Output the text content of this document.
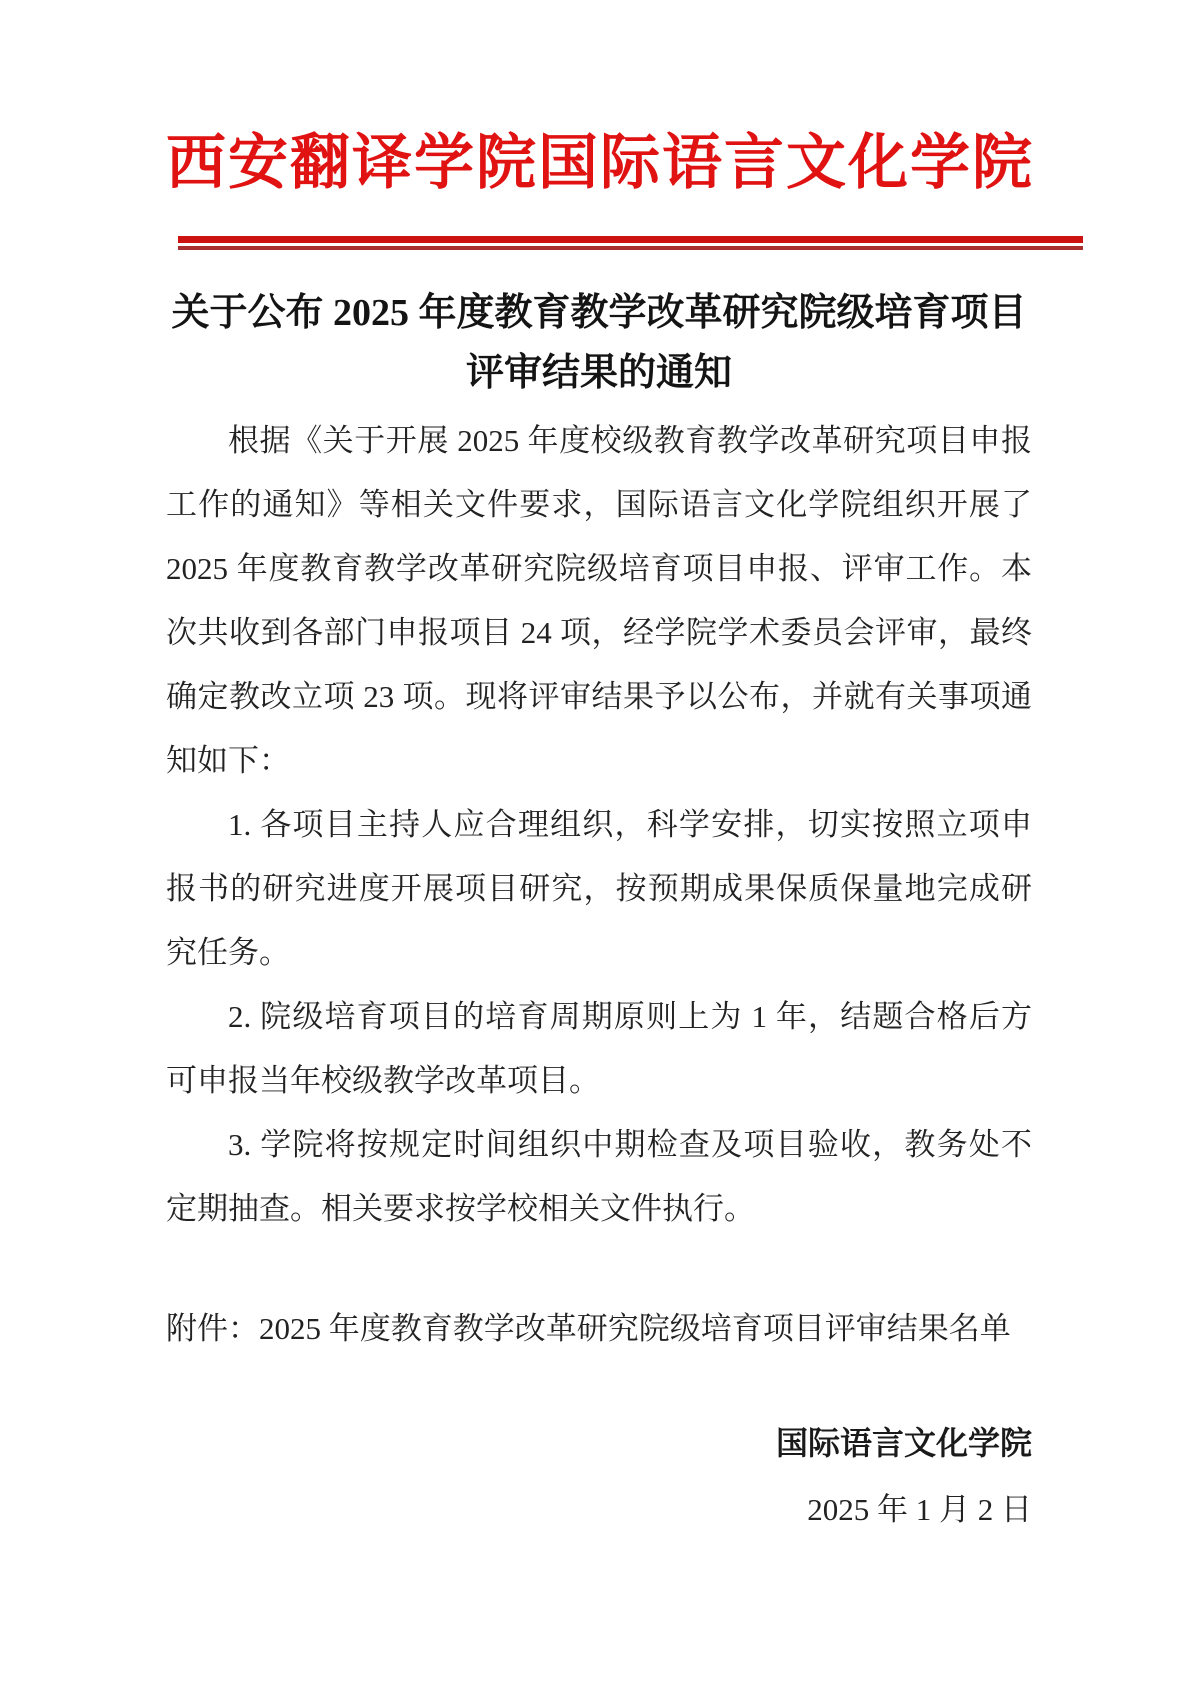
西安翻译学院国际语言文化学院
关于公布 2025 年度教育教学改革研究院级培育项目
评审结果的通知

根据《关于开展 2025 年度校级教育教学改革研究项目申报工作的通知》等相关文件要求，国际语言文化学院组织开展了 2025 年度教育教学改革研究院级培育项目申报、评审工作。本次共收到各部门申报项目 24 项，经学院学术委员会评审，最终确定教改立项 23 项。现将评审结果予以公布，并就有关事项通知如下：

1. 各项目主持人应合理组织，科学安排，切实按照立项申报书的研究进度开展项目研究，按预期成果保质保量地完成研究任务。

2. 院级培育项目的培育周期原则上为 1 年，结题合格后方可申报当年校级教学改革项目。

3. 学院将按规定时间组织中期检查及项目验收，教务处不定期抽查。相关要求按学校相关文件执行。

附件：2025 年度教育教学改革研究院级培育项目评审结果名单

国际语言文化学院

2025 年 1 月 2 日
